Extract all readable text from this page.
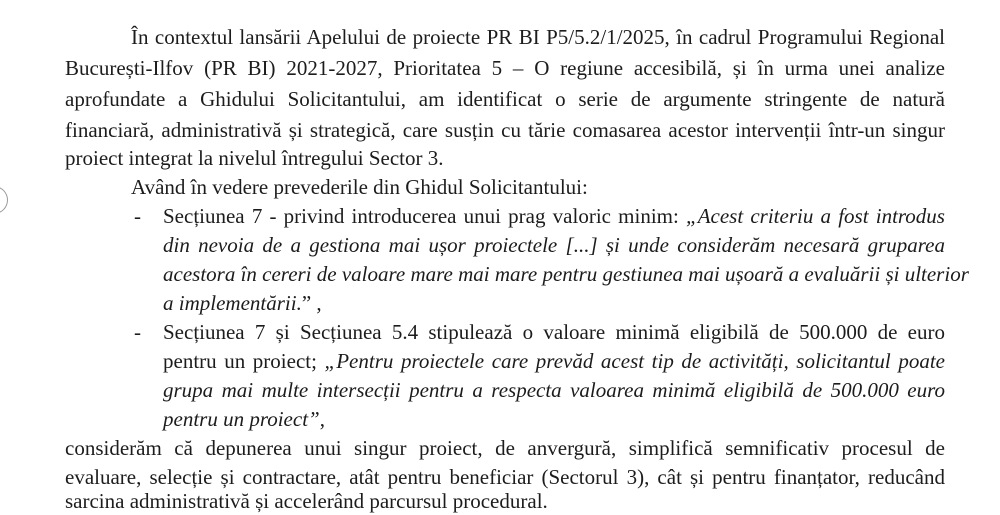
În contextul lansării Apelului de proiecte PR BI P5/5.2/1/2025, în cadrul Programului Regional
București-Ilfov (PR BI) 2021-2027, Prioritatea 5 – O regiune accesibilă, și în urma unei analize
aprofundate a Ghidului Solicitantului, am identificat o serie de argumente stringente de natură
financiară, administrativă și strategică, care susțin cu tărie comasarea acestor intervenții într-un singur
proiect integrat la nivelul întregului Sector 3.
Având în vedere prevederile din Ghidul Solicitantului:
- Secțiunea 7 - privind introducerea unui prag valoric minim: „Acest criteriu a fost introdus
din nevoia de a gestiona mai ușor proiectele [...] și unde considerăm necesară gruparea
acestora în cereri de valoare mare mai mare pentru gestiunea mai ușoară a evaluării și ulterior
a implementării.” ,
- Secțiunea 7 și Secțiunea 5.4 stipulează o valoare minimă eligibilă de 500.000 de euro
pentru un proiect; „Pentru proiectele care prevăd acest tip de activități, solicitantul poate
grupa mai multe intersecții pentru a respecta valoarea minimă eligibilă de 500.000 euro
pentru un proiect”,
considerăm că depunerea unui singur proiect, de anvergură, simplifică semnificativ procesul de
evaluare, selecție și contractare, atât pentru beneficiar (Sectorul 3), cât și pentru finanțator, reducând
sarcina administrativă și accelerând parcursul procedural.
